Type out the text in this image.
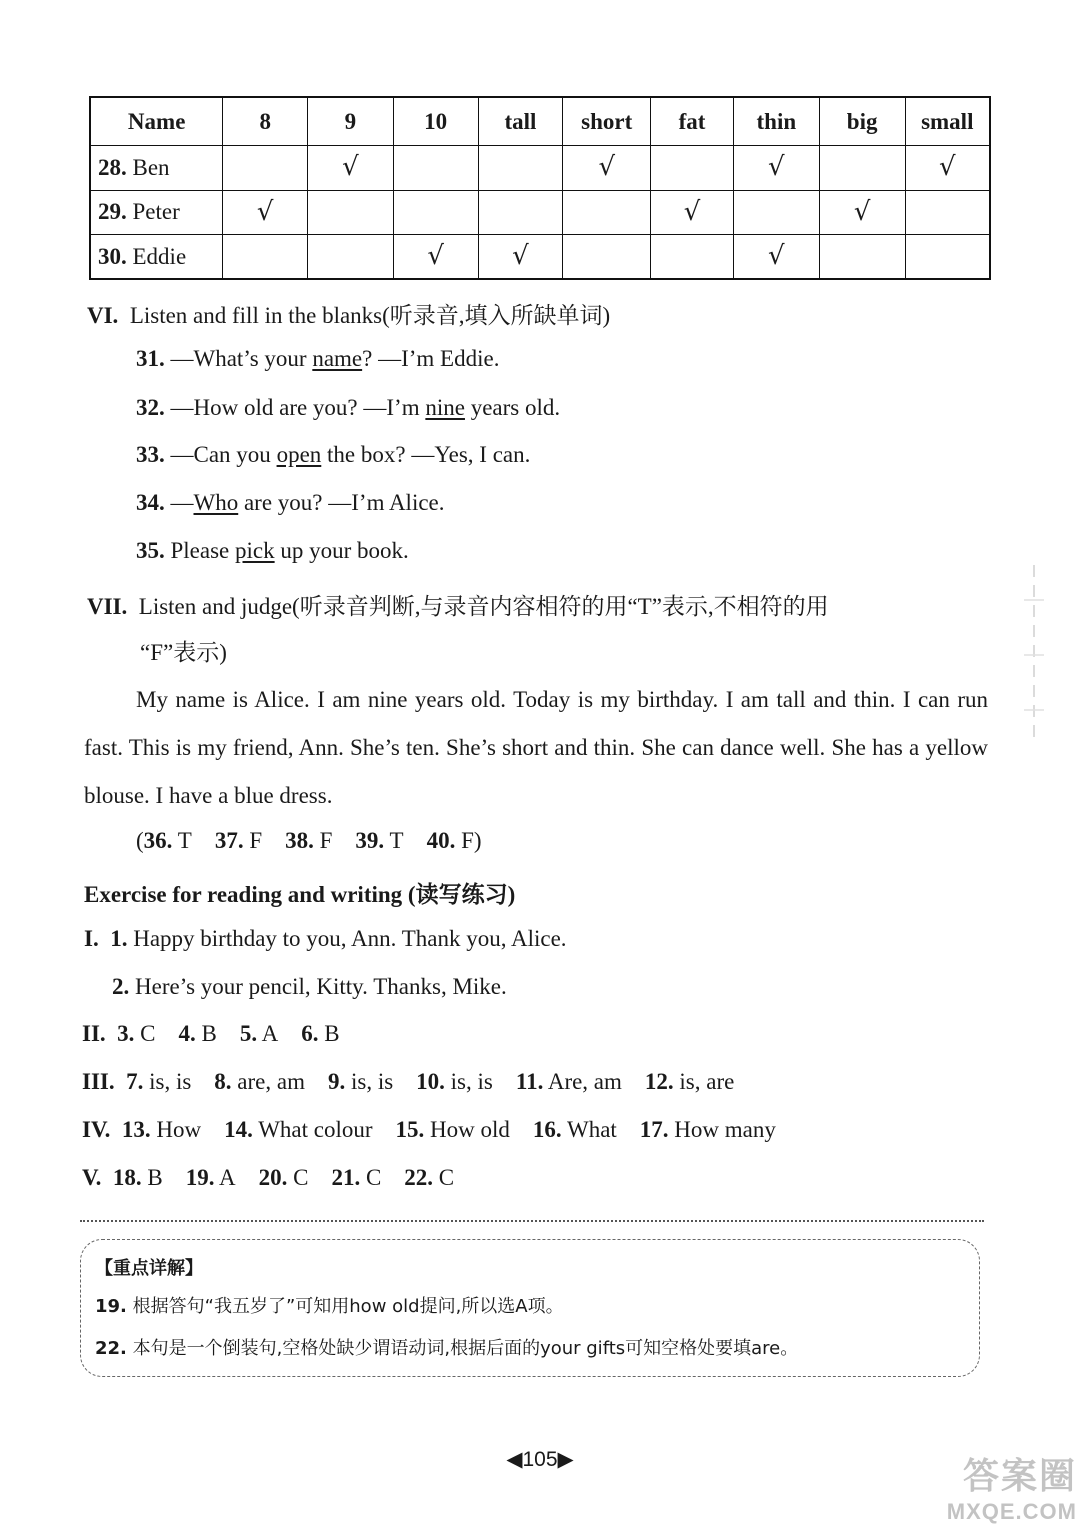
Name	8	9	10	tall	short	fat	thin	big	small
28. Ben		√			√		√		√
29. Peter	√					√		√	
30. Eddie			√	√			√		
VI. Listen and fill in the blanks(听录音,填入所缺单词)
31. —What’s your name? —I’m Eddie.
32. —How old are you? —I’m nine years old.
33. —Can you open the box? —Yes, I can.
34. —Who are you? —I’m Alice.
35. Please pick up your book.
VII. Listen and judge(听录音判断,与录音内容相符的用“T”表示,不相符的用
“F”表示)
My name is Alice. I am nine years old. Today is my birthday. I am tall and thin. I can run fast. This is my friend, Ann. She’s ten. She’s short and thin. She can dance well. She has a yellow blouse. I have a blue dress.
(36. T 37. F 38. F 39. T 40. F)
Exercise for reading and writing (读写练习)
I. 1. Happy birthday to you, Ann. Thank you, Alice.
2. Here’s your pencil, Kitty. Thanks, Mike.
II. 3. C 4. B 5. A 6. B
III. 7. is, is 8. are, am 9. is, is 10. is, is 11. Are, am 12. is, are
IV. 13. How 14. What colour 15. How old 16. What 17. How many
V. 18. B 19. A 20. C 21. C 22. C
【重点详解】
19. 根据答句“我五岁了”可知用how old提问,所以选A项。
22. 本句是一个倒装句,空格处缺少谓语动词,根据后面的your gifts可知空格处要填are。
◀105▶	答案圈
MXQE.COM
